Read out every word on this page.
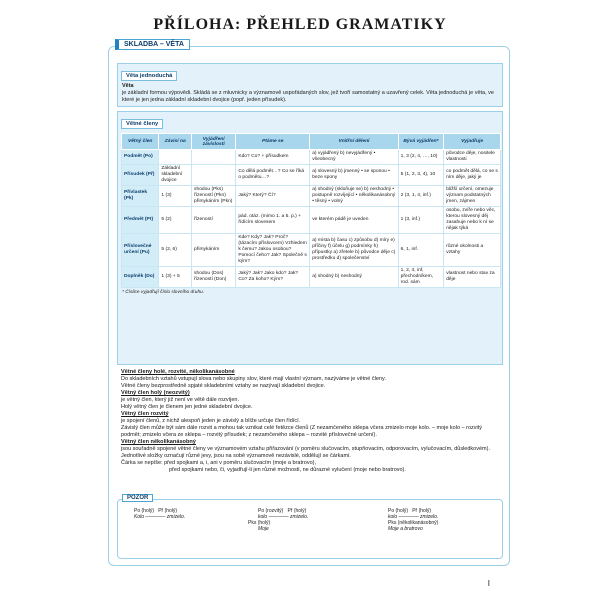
PŘÍLOHA: PŘEHLED GRAMATIKY
SKLADBA – VĚTA
Věta jednoduchá
Věta
je základní formou výpovědi. Skládá se z mluvnicky a významově uspořádaných slov, jež tvoří samostatný a uzavřený celek. Věta jednoduchá je věta, ve které je jen jedna základní skladební dvojice (popř. jeden přísudek).
Větné členy
Větný člen	Závisí na	Vyjádření závislosti	Ptáme se	Vnitřní dělení	Bývá vyjádřen*	Vyjadřuje
Podmět (Po)			Kdo? Co? + přísudkem	a) vyjádřený b) nevyjádřený • všeobecný	1, 3 (2, 4, …, 10)	původce děje, nositele vlastnosti
Přísudek (Př)	Základní skladební dvojice		Co dělá podmět…? Co se říká o podmětu…?	a) slovesný b) jmenný • se sponou • beze spony	5 (1, 2, 3, 4), 10	co podmět dělá, co se s ním děje, jaký je
Přívlastek (Pk)	1 (3)	shodou (Pks) řízeností (Pkn) přimykáním (Pkn)	Jaký? Který? Čí?	a) shodný (skloňuje se) b) neshodný • postupně rozvíjející • několikanásobný • těsný • volný	2 (3, 1, 4, inf.)	bližší určení, omezuje význam podstatných jmen, zájmen
Předmět (Pt)	5 (2)	řízeností	pád. otáz. (mimo 1. a 5. p.) + řídícím slovesem	ve kterém pádě je uveden	1 (3, inf.)	osobu, zvíře nebo věc, kterou slovesný děj zasahuje nebo k ní se nějak týká
Příslovečné určení (Pu)	5 (2, 6)	přimykáním	Kde? Kdy? Jak? Proč? (tázacím příslovcem) Vzhledem k čemu? Jakou osobou? Pomocí čeho? Jak? Společně s kým?	a) místa b) času c) způsobu d) míry e) příčiny f) účelu g) podmínky h) přípustky a) zřetele b) původce děje c) prostředku d) společenství	6, 1, inf.	různé okolnosti a vztahy
Doplněk (Do)	1 (3) + 5	shodou (Dos) řízeností (Don)	Jaký? Jak? Jako kdo? Jak? Co? Za koho? Kým?	a) shodný b) neshodný	1, 2, 4, inf, přechodníkem, rod. sám	vlastnost nebo stav za děje
* Číslice vyjadřují číslo slovního druhu.
Větné členy holé, rozvité, několikanásobné
Do skladebních vztahů vstupují slova nebo skupiny slov, které mají vlastní význam, nazýváme je větné členy.
Větné členy bezprostředně spjaté skladebními vztahy se nazývají skladební dvojice.
Větný člen holý (neozvitý)
je větný člen, který již není ve větě dále rozvíjen.
Holý větný člen je členem jen jedné skladební dvojice.
Větný člen rozvitý
je spojení členů, z nichž alespoň jeden je závislý a blíže určuje člen řídící.
Závislý člen může být sám dále rozvit a mohou tak vznikat celé řetězce členů (Z nezamčeného sklepa včera zmizelo moje kolo. – moje kolo – rozvitý podmět; zmizelo včera ze sklepa – rozvitý přísudek; z nezamčeného sklepa – rozvité příslovečné určení).
Větný člen několikanásobný
jsou souřadně spojené větné členy ve významovém vztahu přiřazování (v poměru slučovacím, stupňovacím, odporovacím, vylučovacím, důsledkovém).
Jednotlivé složky označují různé jevy, jsou na sobě významově nezávislé, oddělují se čárkami.
Čárka se nepíše: před spojkami a, i, ani v poměru slučovacím (moje a bratrovo),
před spojkami nebo, či, vyjadřují-li jen různé možnosti, ne důrazné vylučení (moje nebo bratrovo).
POZOR
Po (holý) Př (holý)
Kolo ―――― zmizelo.
Po (rozvitý) Př (holý)
kolo ―――― zmizelo.
Pks (holý)
Moje
Po (holý) Př (holý)
kolo ―――― zmizelo.
Pks (několikanásobný)
Moje a bratrovo
I
